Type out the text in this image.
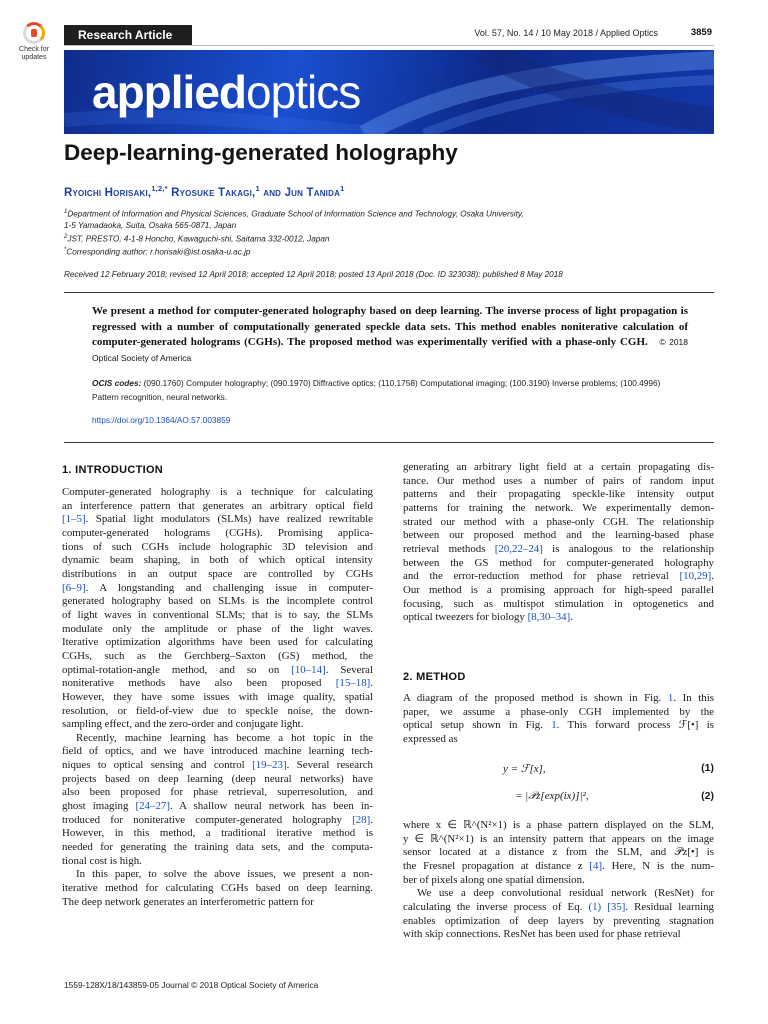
Check for
updates
Research Article	Vol. 57, No. 14 / 10 May 2018 / Applied Optics	3859
appliedoptics
Deep-learning-generated holography
Ryoichi Horisaki,$^{1,2,*}$ Ryosuke Takagi,$^1$ and Jun Tanida$^1$
$^1$Department of Information and Physical Sciences, Graduate School of Information Science and Technology, Osaka University,
1-5 Yamadaoka, Suita, Osaka 565-0871, Japan
$^2$JST, PRESTO, 4-1-8 Honcho, Kawaguchi-shi, Saitama 332-0012, Japan
*Corresponding author: r.horisaki@ist.osaka-u.ac.jp
Received 12 February 2018; revised 12 April 2018; accepted 12 April 2018; posted 13 April 2018 (Doc. ID 323038); published 8 May 2018
We present a method for computer-generated holography based on deep learning. The inverse process of light propagation is regressed with a number of computationally generated speckle data sets. This method enables noniterative calculation of computer-generated holograms (CGHs). The proposed method was experimentally verified with a phase-only CGH. © 2018 Optical Society of America
OCIS codes: (090.1760) Computer holography; (090.1970) Diffractive optics; (110.1758) Computational imaging; (100.3190) Inverse problems; (100.4996) Pattern recognition, neural networks.
https://doi.org/10.1364/AO.57.003859
1. INTRODUCTION

Computer-generated holography is a technique for calculating
an interference pattern that generates an arbitrary optical field
[1–5]. Spatial light modulators (SLMs) have realized rewritable
computer-generated holograms (CGHs). Promising applica-
tions of such CGHs include holographic 3D television and
dynamic beam shaping, in both of which optical intensity
distributions in an output space are controlled by CGHs
[6–9]. A longstanding and challenging issue in computer-
generated holography based on SLMs is the incomplete control
of light waves in conventional SLMs; that is to say, the SLMs
modulate only the amplitude or phase of the light waves.
Iterative optimization algorithms have been used for calculating
CGHs, such as the Gerchberg–Saxton (GS) method, the
optimal-rotation-angle method, and so on [10–14]. Several
noniterative methods have also been proposed [15–18].
However, they have some issues with image quality, spatial
resolution, or field-of-view due to speckle noise, the down-
sampling effect, and the zero-order and conjugate light.

Recently, machine learning has become a hot topic in the
field of optics, and we have introduced machine learning tech-
niques to optical sensing and control [19–23]. Several research
projects based on deep learning (deep neural networks) have
also been proposed for phase retrieval, superresolution, and
ghost imaging [24–27]. A shallow neural network has been in-
troduced for noniterative computer-generated holography [28].
However, in this method, a traditional iterative method is
needed for generating the training data sets, and the computa-
tional cost is high.

In this paper, to solve the above issues, we present a non-
iterative method for calculating CGHs based on deep learning.
The deep network generates an interferometric pattern for

generating an arbitrary light field at a certain propagating dis-
tance. Our method uses a number of pairs of random input
patterns and their propagating speckle-like intensity output
patterns for training the network. We experimentally demon-
strated our method with a phase-only CGH. The relationship
between our proposed method and the learning-based phase
retrieval methods [20,22–24] is analogous to the relationship
between the GS method for computer-generated holography
and the error-reduction method for phase retrieval [10,29].
Our method is a promising approach for high-speed parallel
focusing, such as multispot stimulation in optogenetics and
optical tweezers for biology [8,30–34].

2. METHOD

A diagram of the proposed method is shown in Fig. 1. In this
paper, we assume a phase-only CGH implemented by the
optical setup shown in Fig. 1. This forward process ℱ[•] is
expressed as

y = ℱ[x],	(1)
= |𝒫z[exp(ix)]|²,	(2)

where x ∈ ℝ^(N²×1) is a phase pattern displayed on the SLM,
y ∈ ℝ^(N²×1) is an intensity pattern that appears on the image
sensor located at a distance z from the SLM, and 𝒫z[•] is
the Fresnel propagation at distance z [4]. Here, N is the num-
ber of pixels along one spatial dimension.

We use a deep convolutional residual network (ResNet) for
calculating the inverse process of Eq. (1) [35]. Residual learning
enables optimization of deep layers by preventing stagnation
with skip connections. ResNet has been used for phase retrieval

1559-128X/18/143859-05 Journal © 2018 Optical Society of America
